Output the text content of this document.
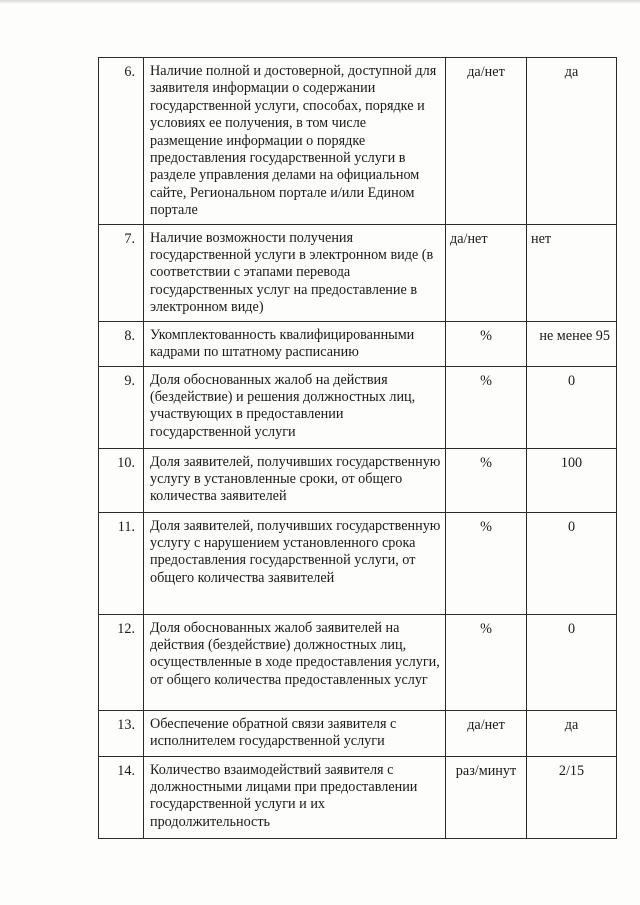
6.	Наличие полной и достоверной, доступной для заявителя информации о содержании государственной услуги, способах, порядке и условиях ее получения, в том числе размещение информации о порядке предоставления государственной услуги в разделе управления делами на официальном сайте, Региональном портале и/или Едином портале	да/нет	да

7.	Наличие возможности получения государственной услуги в электронном виде (в соответствии с этапами перевода государственных услуг на предоставление в электронном виде)	да/нет	нет

8.	Укомплектованность квалифицированными кадрами по штатному расписанию	%	не менее 95

9.	Доля обоснованных жалоб на действия (бездействие) и решения должностных лиц, участвующих в предоставлении государственной услуги	%	0

10.	Доля заявителей, получивших государственную услугу в установленные сроки, от общего количества заявителей	%	100

11.	Доля заявителей, получивших государственную услугу с нарушением установленного срока предоставления государственной услуги, от общего количества заявителей	%	0

12.	Доля обоснованных жалоб заявителей на действия (бездействие) должностных лиц, осуществленные в ходе предоставления услуги, от общего количества предоставленных услуг	%	0

13.	Обеспечение обратной связи заявителя с исполнителем государственной услуги	да/нет	да

14.	Количество взаимодействий заявителя с должностными лицами при предоставлении государственной услуги и их продолжительность	раз/минут	2/15
